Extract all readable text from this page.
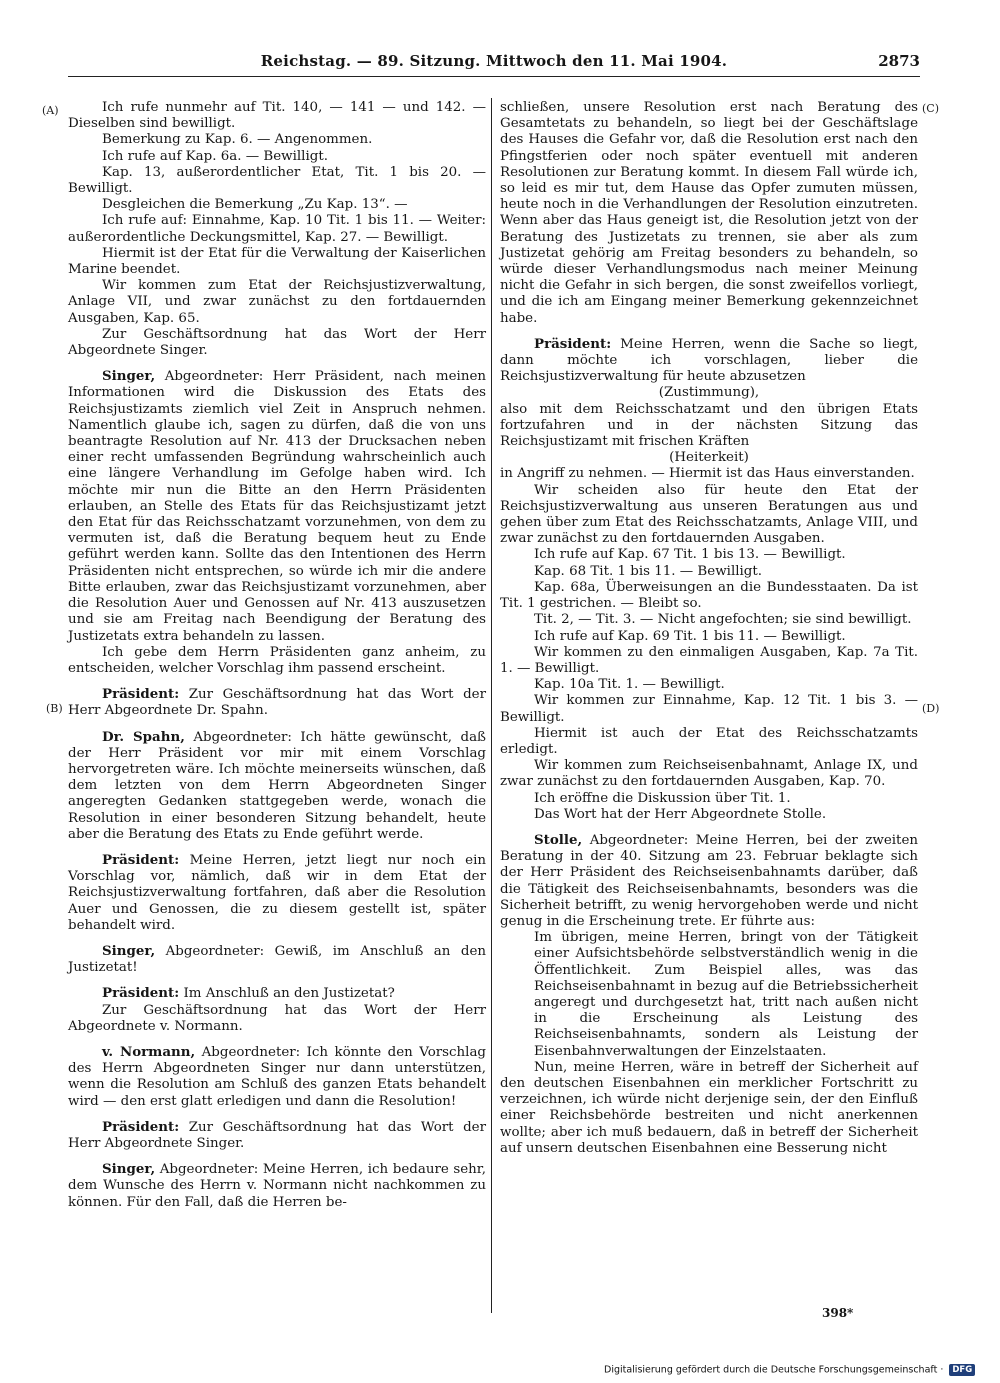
Reichstag. — 89. Sitzung. Mittwoch den 11. Mai 1904.	2873
(A)
(B)
(C)
(D)

Ich rufe nunmehr auf Tit. 140, — 141 — und 142. — Dieselben sind bewilligt.

Bemerkung zu Kap. 6. — Angenommen.

Ich rufe auf Kap. 6a. — Bewilligt.

Kap. 13, außerordentlicher Etat, Tit. 1 bis 20. — Bewilligt.

Desgleichen die Bemerkung „Zu Kap. 13“. —

Ich rufe auf: Einnahme, Kap. 10 Tit. 1 bis 11. — Weiter: außerordentliche Deckungsmittel, Kap. 27. — Bewilligt.

Hiermit ist der Etat für die Verwaltung der Kaiserlichen Marine beendet.

Wir kommen zum Etat der Reichsjustizverwaltung, Anlage VII, und zwar zunächst zu den fortdauernden Ausgaben, Kap. 65.

Zur Geschäftsordnung hat das Wort der Herr Abgeordnete Singer.

Singer, Abgeordneter: Herr Präsident, nach meinen Informationen wird die Diskussion des Etats des Reichsjustizamts ziemlich viel Zeit in Anspruch nehmen. Namentlich glaube ich, sagen zu dürfen, daß die von uns beantragte Resolution auf Nr. 413 der Drucksachen neben einer recht umfassenden Begründung wahrscheinlich auch eine längere Verhandlung im Gefolge haben wird. Ich möchte mir nun die Bitte an den Herrn Präsidenten erlauben, an Stelle des Etats für das Reichsjustizamt jetzt den Etat für das Reichsschatzamt vorzunehmen, von dem zu vermuten ist, daß die Beratung bequem heut zu Ende geführt werden kann. Sollte das den Intentionen des Herrn Präsidenten nicht entsprechen, so würde ich mir die andere Bitte erlauben, zwar das Reichsjustizamt vorzunehmen, aber die Resolution Auer und Genossen auf Nr. 413 auszusetzen und sie am Freitag nach Beendigung der Beratung des Justizetats extra behandeln zu lassen.

Ich gebe dem Herrn Präsidenten ganz anheim, zu entscheiden, welcher Vorschlag ihm passend erscheint.

Präsident: Zur Geschäftsordnung hat das Wort der Herr Abgeordnete Dr. Spahn.

Dr. Spahn, Abgeordneter: Ich hätte gewünscht, daß der Herr Präsident vor mir mit einem Vorschlag hervorgetreten wäre. Ich möchte meinerseits wünschen, daß dem letzten von dem Herrn Abgeordneten Singer angeregten Gedanken stattgegeben werde, wonach die Resolution in einer besonderen Sitzung behandelt, heute aber die Beratung des Etats zu Ende geführt werde.

Präsident: Meine Herren, jetzt liegt nur noch ein Vorschlag vor, nämlich, daß wir in dem Etat der Reichsjustizverwaltung fortfahren, daß aber die Resolution Auer und Genossen, die zu diesem gestellt ist, später behandelt wird.

Singer, Abgeordneter: Gewiß, im Anschluß an den Justizetat!

Präsident: Im Anschluß an den Justizetat?

Zur Geschäftsordnung hat das Wort der Herr Abgeordnete v. Normann.

v. Normann, Abgeordneter: Ich könnte den Vorschlag des Herrn Abgeordneten Singer nur dann unterstützen, wenn die Resolution am Schluß des ganzen Etats behandelt wird — den erst glatt erledigen und dann die Resolution!

Präsident: Zur Geschäftsordnung hat das Wort der Herr Abgeordnete Singer.

Singer, Abgeordneter: Meine Herren, ich bedaure sehr, dem Wunsche des Herrn v. Normann nicht nachkommen zu können. Für den Fall, daß die Herren be-

schließen, unsere Resolution erst nach Beratung des Gesamtetats zu behandeln, so liegt bei der Geschäftslage des Hauses die Gefahr vor, daß die Resolution erst nach den Pfingstferien oder noch später eventuell mit anderen Resolutionen zur Beratung kommt. In diesem Fall würde ich, so leid es mir tut, dem Hause das Opfer zumuten müssen, heute noch in die Verhandlungen der Resolution einzutreten. Wenn aber das Haus geneigt ist, die Resolution jetzt von der Beratung des Justizetats zu trennen, sie aber als zum Justizetat gehörig am Freitag besonders zu behandeln, so würde dieser Verhandlungsmodus nach meiner Meinung nicht die Gefahr in sich bergen, die sonst zweifellos vorliegt, und die ich am Eingang meiner Bemerkung gekennzeichnet habe.

Präsident: Meine Herren, wenn die Sache so liegt, dann möchte ich vorschlagen, lieber die Reichsjustizverwaltung für heute abzusetzen

(Zustimmung),

also mit dem Reichsschatzamt und den übrigen Etats fortzufahren und in der nächsten Sitzung das Reichsjustizamt mit frischen Kräften

(Heiterkeit)

in Angriff zu nehmen. — Hiermit ist das Haus einverstanden.

Wir scheiden also für heute den Etat der Reichsjustizverwaltung aus unseren Beratungen aus und gehen über zum Etat des Reichsschatzamts, Anlage VIII, und zwar zunächst zu den fortdauernden Ausgaben.

Ich rufe auf Kap. 67 Tit. 1 bis 13. — Bewilligt.

Kap. 68 Tit. 1 bis 11. — Bewilligt.

Kap. 68a, Überweisungen an die Bundesstaaten. Da ist Tit. 1 gestrichen. — Bleibt so.

Tit. 2, — Tit. 3. — Nicht angefochten; sie sind bewilligt.

Ich rufe auf Kap. 69 Tit. 1 bis 11. — Bewilligt.

Wir kommen zu den einmaligen Ausgaben, Kap. 7a Tit. 1. — Bewilligt.

Kap. 10a Tit. 1. — Bewilligt.

Wir kommen zur Einnahme, Kap. 12 Tit. 1 bis 3. — Bewilligt.

Hiermit ist auch der Etat des Reichsschatzamts erledigt.

Wir kommen zum Reichseisenbahnamt, Anlage IX, und zwar zunächst zu den fortdauernden Ausgaben, Kap. 70.

Ich eröffne die Diskussion über Tit. 1.

Das Wort hat der Herr Abgeordnete Stolle.

Stolle, Abgeordneter: Meine Herren, bei der zweiten Beratung in der 40. Sitzung am 23. Februar beklagte sich der Herr Präsident des Reichseisenbahnamts darüber, daß die Tätigkeit des Reichseisenbahnamts, besonders was die Sicherheit betrifft, zu wenig hervorgehoben werde und nicht genug in die Erscheinung trete. Er führte aus:

Im übrigen, meine Herren, bringt von der Tätigkeit einer Aufsichtsbehörde selbstverständlich wenig in die Öffentlichkeit. Zum Beispiel alles, was das Reichseisenbahnamt in bezug auf die Betriebssicherheit angeregt und durchgesetzt hat, tritt nach außen nicht in die Erscheinung als Leistung des Reichseisenbahnamts, sondern als Leistung der Eisenbahnverwaltungen der Einzelstaaten.

Nun, meine Herren, wäre in betreff der Sicherheit auf den deutschen Eisenbahnen ein merklicher Fortschritt zu verzeichnen, ich würde nicht derjenige sein, der den Einfluß einer Reichsbehörde bestreiten und nicht anerkennen wollte; aber ich muß bedauern, daß in betreff der Sicherheit auf unsern deutschen Eisenbahnen eine Besserung nicht

398*
Digitalisierung gefördert durch die Deutsche Forschungsgemeinschaft · DFG
